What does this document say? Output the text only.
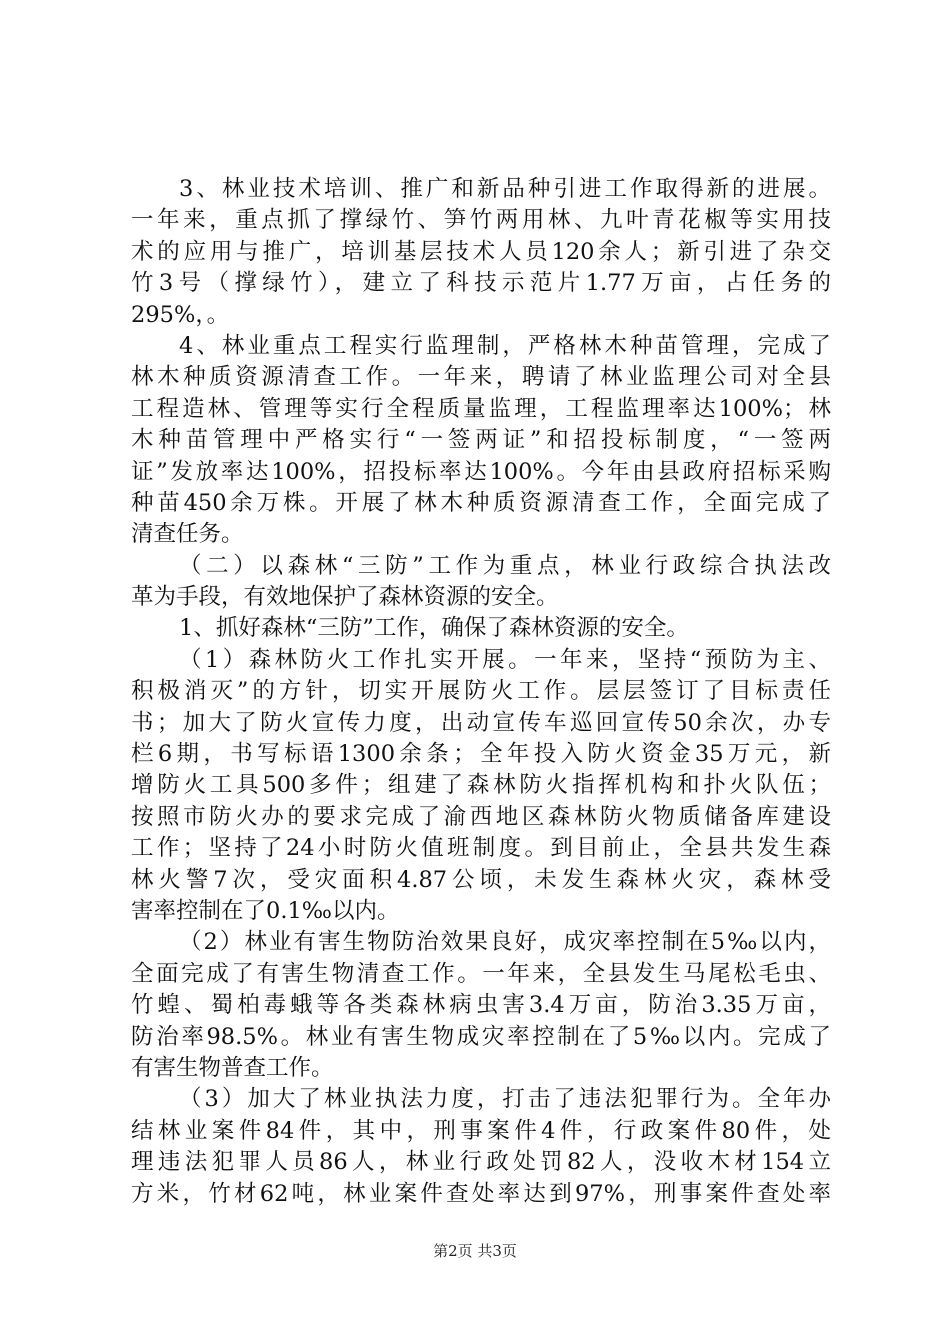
3、林业技术培训、推广和新品种引进工作取得新的进展。
一年来，重点抓了撑绿竹、笋竹两用林、九叶青花椒等实用技
术的应用与推广，培训基层技术人员120余人；新引进了杂交
竹3号（撑绿竹），建立了科技示范片1.77万亩，占任务的
295%，。
4、林业重点工程实行监理制，严格林木种苗管理，完成了
林木种质资源清查工作。一年来，聘请了林业监理公司对全县
工程造林、管理等实行全程质量监理，工程监理率达100%；林
木种苗管理中严格实行“一签两证”和招投标制度，“一签两
证”发放率达100%，招投标率达100%。今年由县政府招标采购
种苗450余万株。开展了林木种质资源清查工作，全面完成了
清查任务。
（二）以森林“三防”工作为重点，林业行政综合执法改
革为手段，有效地保护了森林资源的安全。
1、抓好森林“三防”工作，确保了森林资源的安全。
（1）森林防火工作扎实开展。一年来，坚持“预防为主、
积极消灭”的方针，切实开展防火工作。层层签订了目标责任
书；加大了防火宣传力度，出动宣传车巡回宣传50余次，办专
栏6期，书写标语1300余条；全年投入防火资金35万元，新
增防火工具500多件；组建了森林防火指挥机构和扑火队伍；
按照市防火办的要求完成了渝西地区森林防火物质储备库建设
工作；坚持了24小时防火值班制度。到目前止，全县共发生森
林火警7次，受灾面积4.87公顷，未发生森林火灾，森林受
害率控制在了0.1‰以内。
（2）林业有害生物防治效果良好，成灾率控制在5‰以内，
全面完成了有害生物清查工作。一年来，全县发生马尾松毛虫、
竹蝗、蜀柏毒蛾等各类森林病虫害3.4万亩，防治3.35万亩，
防治率98.5%。林业有害生物成灾率控制在了5‰以内。完成了
有害生物普查工作。
（3）加大了林业执法力度，打击了违法犯罪行为。全年办
结林业案件84件，其中，刑事案件4件，行政案件80件，处
理违法犯罪人员86人，林业行政处罚82人，没收木材154立
方米，竹材62吨，林业案件查处率达到97%，刑事案件查处率
第2页 共3页
